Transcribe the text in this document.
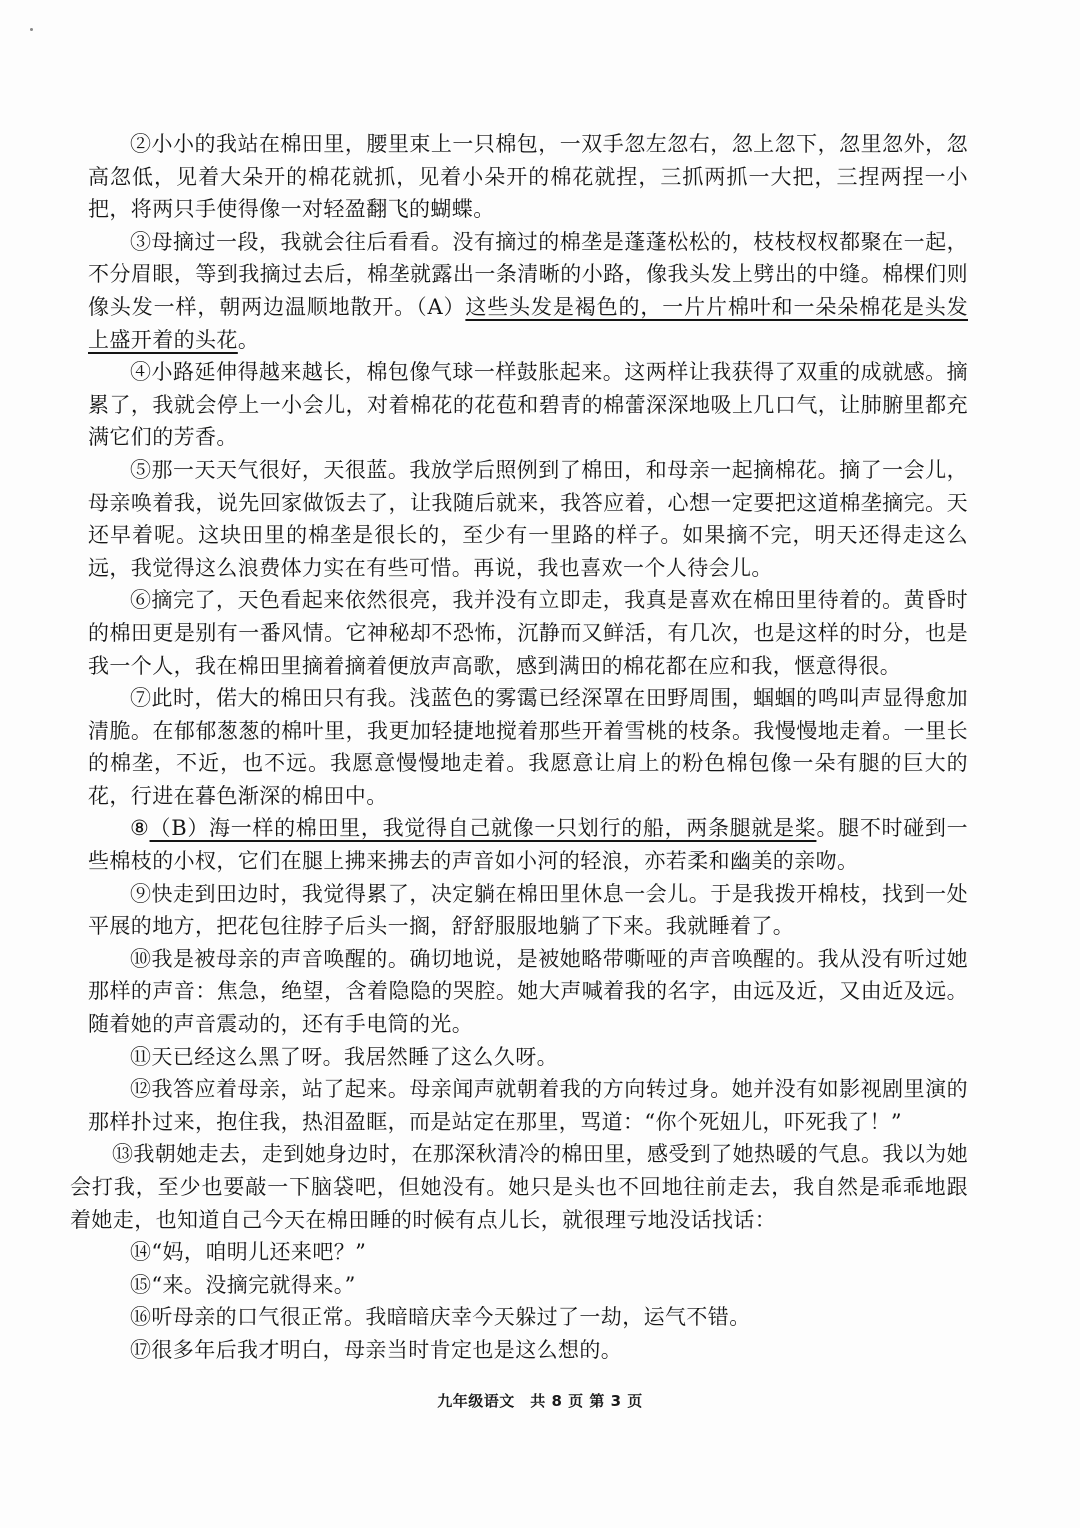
②小小的我站在棉田里，腰里束上一只棉包，一双手忽左忽右，忽上忽下，忽里忽外，忽高忽低，见着大朵开的棉花就抓，见着小朵开的棉花就捏，三抓两抓一大把，三捏两捏一小把，将两只手使得像一对轻盈翻飞的蝴蝶。

③母摘过一段，我就会往后看看。没有摘过的棉垄是蓬蓬松松的，枝枝杈杈都聚在一起，不分眉眼，等到我摘过去后，棉垄就露出一条清晰的小路，像我头发上劈出的中缝。棉棵们则像头发一样，朝两边温顺地散开。（A）这些头发是褐色的，一片片棉叶和一朵朵棉花是头发上盛开着的头花。

④小路延伸得越来越长，棉包像气球一样鼓胀起来。这两样让我获得了双重的成就感。摘累了，我就会停上一小会儿，对着棉花的花苞和碧青的棉蕾深深地吸上几口气，让肺腑里都充满它们的芳香。

⑤那一天天气很好，天很蓝。我放学后照例到了棉田，和母亲一起摘棉花。摘了一会儿，母亲唤着我，说先回家做饭去了，让我随后就来，我答应着，心想一定要把这道棉垄摘完。天还早着呢。这块田里的棉垄是很长的，至少有一里路的样子。如果摘不完，明天还得走这么远，我觉得这么浪费体力实在有些可惜。再说，我也喜欢一个人待会儿。

⑥摘完了，天色看起来依然很亮，我并没有立即走，我真是喜欢在棉田里待着的。黄昏时的棉田更是别有一番风情。它神秘却不恐怖，沉静而又鲜活，有几次，也是这样的时分，也是我一个人，我在棉田里摘着摘着便放声高歌，感到满田的棉花都在应和我，惬意得很。

⑦此时，偌大的棉田只有我。浅蓝色的雾霭已经深罩在田野周围，蝈蝈的鸣叫声显得愈加清脆。在郁郁葱葱的棉叶里，我更加轻捷地搅着那些开着雪桃的枝条。我慢慢地走着。一里长的棉垄，不近，也不远。我愿意慢慢地走着。我愿意让肩上的粉色棉包像一朵有腿的巨大的花，行进在暮色渐深的棉田中。

⑧（B）海一样的棉田里，我觉得自己就像一只划行的船，两条腿就是桨。腿不时碰到一些棉枝的小杈，它们在腿上拂来拂去的声音如小河的轻浪，亦若柔和幽美的亲吻。

⑨快走到田边时，我觉得累了，决定躺在棉田里休息一会儿。于是我拨开棉枝，找到一处平展的地方，把花包往脖子后头一搁，舒舒服服地躺了下来。我就睡着了。

⑩我是被母亲的声音唤醒的。确切地说，是被她略带嘶哑的声音唤醒的。我从没有听过她那样的声音：焦急，绝望，含着隐隐的哭腔。她大声喊着我的名字，由远及近，又由近及远。随着她的声音震动的，还有手电筒的光。

⑪天已经这么黑了呀。我居然睡了这么久呀。

⑫我答应着母亲，站了起来。母亲闻声就朝着我的方向转过身。她并没有如影视剧里演的那样扑过来，抱住我，热泪盈眶，而是站定在那里，骂道：“你个死妞儿，吓死我了！”

⑬我朝她走去，走到她身边时，在那深秋清冷的棉田里，感受到了她热暖的气息。我以为她会打我，至少也要敲一下脑袋吧，但她没有。她只是头也不回地往前走去，我自然是乖乖地跟着她走，也知道自己今天在棉田睡的时候有点儿长，就很理亏地没话找话：

⑭“妈，咱明儿还来吧？”

⑮“来。没摘完就得来。”

⑯听母亲的口气很正常。我暗暗庆幸今天躲过了一劫，运气不错。

⑰很多年后我才明白，母亲当时肯定也是这么想的。

九年级语文　共 8 页 第 3 页
